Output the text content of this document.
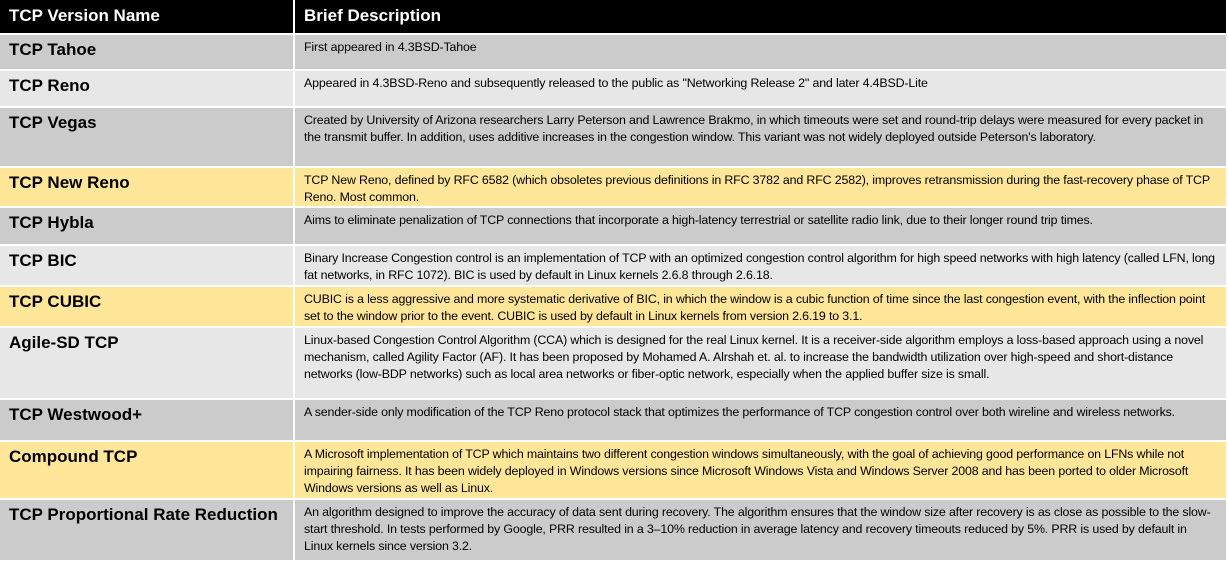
TCP Version Name	Brief Description
TCP Tahoe	First appeared in 4.3BSD-Tahoe
TCP Reno	Appeared in 4.3BSD-Reno and subsequently released to the public as "Networking Release 2" and later 4.4BSD-Lite
TCP Vegas	Created by University of Arizona researchers Larry Peterson and Lawrence Brakmo, in which timeouts were set and round-trip delays were measured for every packet in the transmit buffer. In addition, uses additive increases in the congestion window. This variant was not widely deployed outside Peterson's laboratory.
TCP New Reno	TCP New Reno, defined by RFC 6582 (which obsoletes previous definitions in RFC 3782 and RFC 2582), improves retransmission during the fast-recovery phase of TCP Reno. Most common.
TCP Hybla	Aims to eliminate penalization of TCP connections that incorporate a high-latency terrestrial or satellite radio link, due to their longer round trip times.
TCP BIC	Binary Increase Congestion control is an implementation of TCP with an optimized congestion control algorithm for high speed networks with high latency (called LFN, long fat networks, in RFC 1072). BIC is used by default in Linux kernels 2.6.8 through 2.6.18.
TCP CUBIC	CUBIC is a less aggressive and more systematic derivative of BIC, in which the window is a cubic function of time since the last congestion event, with the inflection point set to the window prior to the event. CUBIC is used by default in Linux kernels from version 2.6.19 to 3.1.
Agile-SD TCP	Linux-based Congestion Control Algorithm (CCA) which is designed for the real Linux kernel. It is a receiver-side algorithm employs a loss-based approach using a novel mechanism, called Agility Factor (AF). It has been proposed by Mohamed A. Alrshah et. al. to increase the bandwidth utilization over high-speed and short-distance networks (low-BDP networks) such as local area networks or fiber-optic network, especially when the applied buffer size is small.
TCP Westwood+	A sender-side only modification of the TCP Reno protocol stack that optimizes the performance of TCP congestion control over both wireline and wireless networks.
Compound TCP	A Microsoft implementation of TCP which maintains two different congestion windows simultaneously, with the goal of achieving good performance on LFNs while not impairing fairness. It has been widely deployed in Windows versions since Microsoft Windows Vista and Windows Server 2008 and has been ported to older Microsoft Windows versions as well as Linux.
TCP Proportional Rate Reduction	An algorithm designed to improve the accuracy of data sent during recovery. The algorithm ensures that the window size after recovery is as close as possible to the slow-start threshold. In tests performed by Google, PRR resulted in a 3–10% reduction in average latency and recovery timeouts reduced by 5%. PRR is used by default in Linux kernels since version 3.2.
